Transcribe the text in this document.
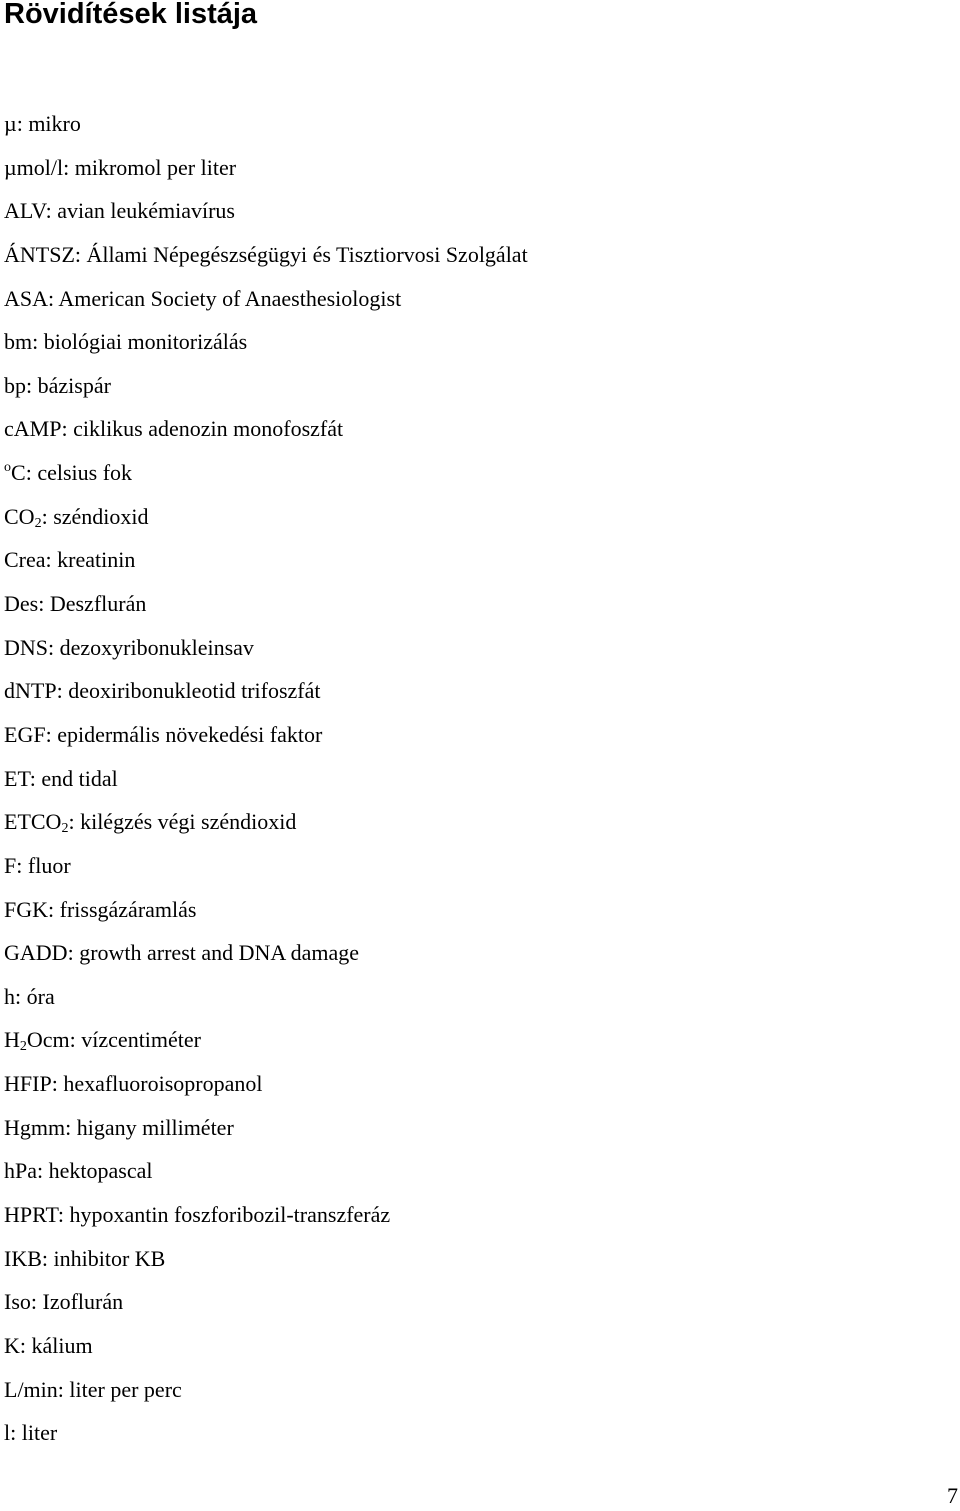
Rövidítések listája
µ: mikro
µmol/l: mikromol per liter
ALV: avian leukémiavírus
ÁNTSZ: Állami Népegészségügyi és Tisztiorvosi Szolgálat
ASA: American Society of Anaesthesiologist
bm: biológiai monitorizálás
bp: bázispár
cAMP: ciklikus adenozin monofoszfát
$^o$C: celsius fok
$CO_2$: széndioxid
Crea: kreatinin
Des: Deszflurán
DNS: dezoxyribonukleinsav
dNTP: deoxiribonukleotid trifoszfát
EGF: epidermális növekedési faktor
ET: end tidal
$ETCO_2$: kilégzés végi széndioxid
F: fluor
FGK: frissgázáramlás
GADD: growth arrest and DNA damage
h: óra
$H_2Ocm$: vízcentiméter
HFIP: hexafluoroisopropanol
Hgmm: higany milliméter
hPa: hektopascal
HPRT: hypoxantin foszforibozil-transzferáz
IKB: inhibitor KB
Iso: Izoflurán
K: kálium
L/min: liter per perc
l: liter
7
